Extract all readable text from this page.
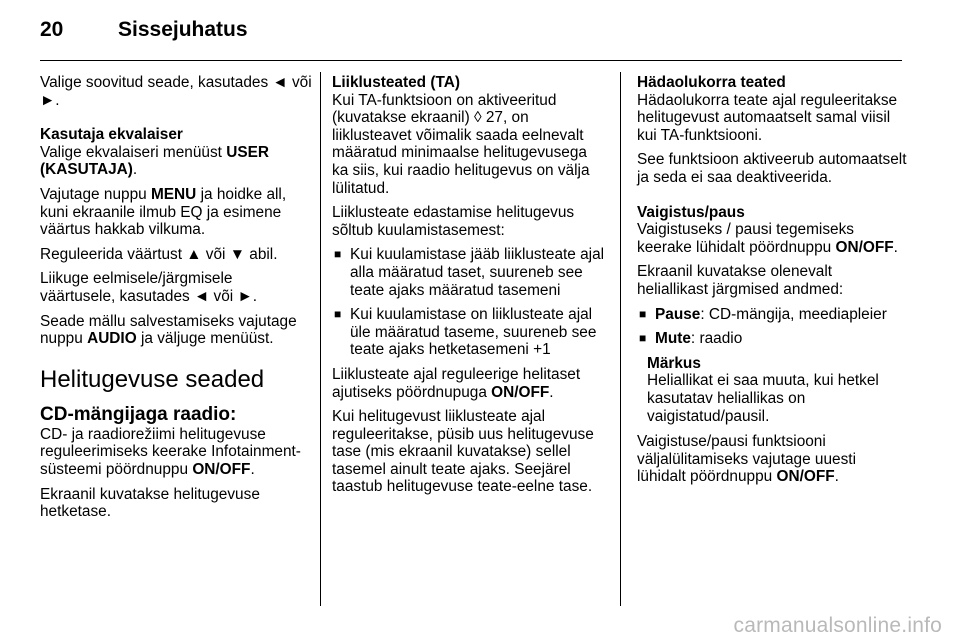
20	Sissejuhatus

Valige soovitud seade, kasutades ◄ või ►.

Kasutaja ekvalaiser

Valige ekvalaiseri menüüst USER (KASUTAJA).

Vajutage nuppu MENU ja hoidke all, kuni ekraanile ilmub EQ ja esimene väärtus hakkab vilkuma.

Reguleerida väärtust ▲ või ▼ abil.

Liikuge eelmisele/järgmisele väärtusele, kasutades ◄ või ►.

Seade mällu salvestamiseks vajutage nuppu AUDIO ja väljuge menüüst.

Helitugevuse seaded
CD-mängijaga raadio:

CD- ja raadiorežiimi helitugevuse reguleerimiseks keerake Infotainment-süsteemi pöördnuppu ON/OFF.

Ekraanil kuvatakse helitugevuse hetketase.

Liiklusteated (TA)

Kui TA-funktsioon on aktiveeritud (kuvatakse ekraanil) ◊ 27, on liiklusteavet võimalik saada eelnevalt määratud minimaalse helitugevusega ka siis, kui raadio helitugevus on välja lülitatud.

Liiklusteate edastamise helitugevus sõltub kuulamistasemest:

■ Kui kuulamistase jääb liiklusteate ajal alla määratud taset, suureneb see teate ajaks määratud tasemeni
■ Kui kuulamistase on liiklusteate ajal üle määratud taseme, suureneb see teate ajaks hetketasemeni +1

Liiklusteate ajal reguleerige helitaset ajutiseks pöördnupuga ON/OFF.

Kui helitugevust liiklusteate ajal reguleeritakse, püsib uus helitugevuse tase (mis ekraanil kuvatakse) sellel tasemel ainult teate ajaks. Seejärel taastub helitugevuse teate-eelne tase.

Hädaolukorra teated

Hädaolukorra teate ajal reguleeritakse helitugevust automaatselt samal viisil kui TA-funktsiooni.

See funktsioon aktiveerub automaatselt ja seda ei saa deaktiveerida.

Vaigistus/paus

Vaigistuseks / pausi tegemiseks keerake lühidalt pöördnuppu ON/OFF.

Ekraanil kuvatakse olenevalt heliallikast järgmised andmed:

■ Pause: CD-mängija, meediapleier
■ Mute: raadio
Märkus
Heliallikat ei saa muuta, kui hetkel kasutatav heliallikas on vaigistatud/pausil.

Vaigistuse/pausi funktsiooni väljalülitamiseks vajutage uuesti lühidalt pöördnuppu ON/OFF.

carmanualsonline.info
